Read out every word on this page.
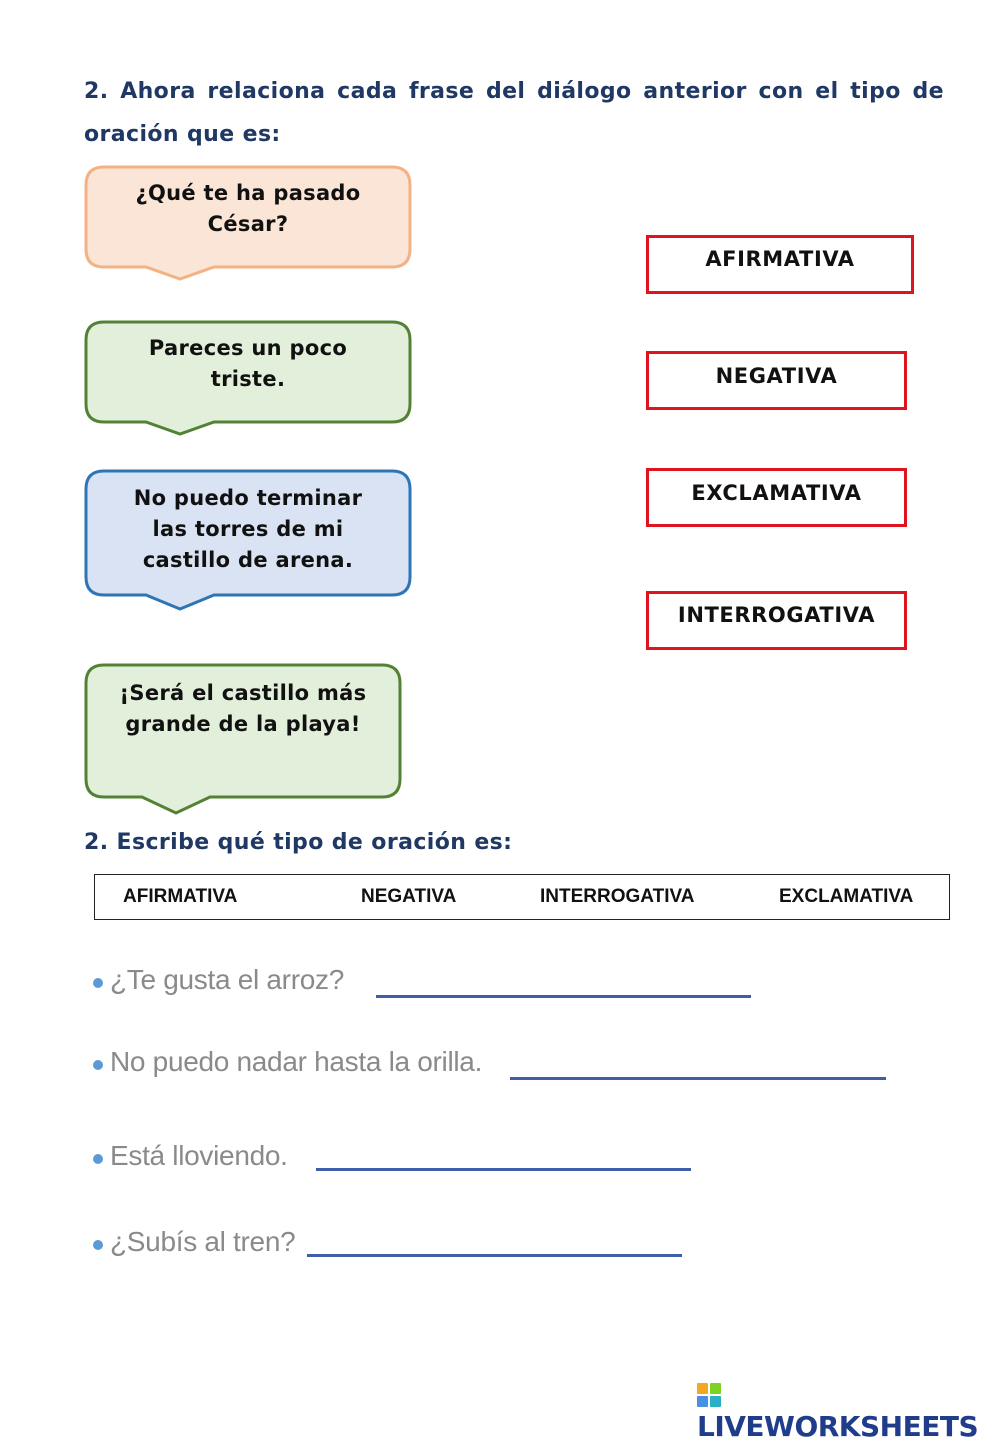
2. Ahora relaciona cada frase del diálogo anterior con el tipo de oración que es:
¿Qué te ha pasado
César?
Pareces un poco
triste.
No puedo terminar
las torres de mi
castillo de arena.
¡Será el castillo más
grande de la playa!
AFIRMATIVA
NEGATIVA
EXCLAMATIVA
INTERROGATIVA
2. Escribe qué tipo de oración es:
AFIRMATIVA	NEGATIVA	INTERROGATIVA	EXCLAMATIVA
¿Te gusta el arroz?
No puedo nadar hasta la orilla.
Está lloviendo.
¿Subís al tren?
LIVEWORKSHEETS
